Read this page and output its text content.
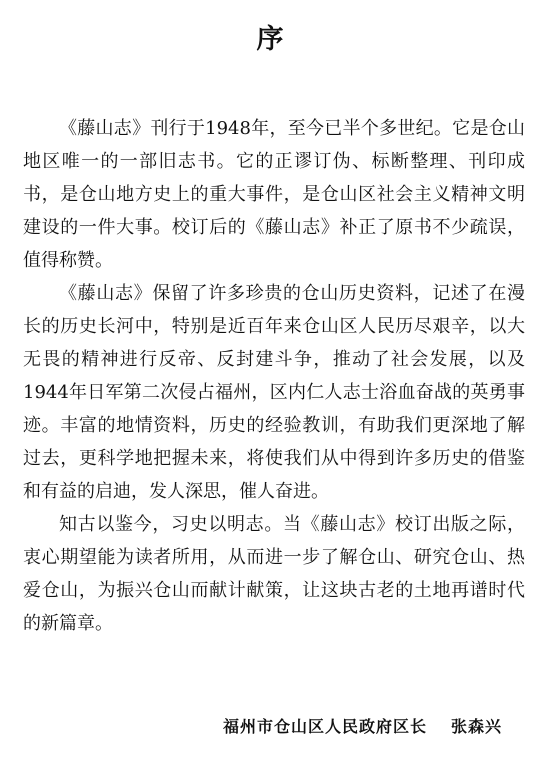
序

《藤山志》刊行于1948年，至今已半个多世纪。它是仓山地区唯一的一部旧志书。它的正谬订伪、标断整理、刊印成书，是仓山地方史上的重大事件，是仓山区社会主义精神文明建设的一件大事。校订后的《藤山志》补正了原书不少疏误，值得称赞。

《藤山志》保留了许多珍贵的仓山历史资料，记述了在漫长的历史长河中，特别是近百年来仓山区人民历尽艰辛，以大无畏的精神进行反帝、反封建斗争，推动了社会发展，以及1944年日军第二次侵占福州，区内仁人志士浴血奋战的英勇事迹。丰富的地情资料，历史的经验教训，有助我们更深地了解过去，更科学地把握未来，将使我们从中得到许多历史的借鉴和有益的启迪，发人深思，催人奋进。

知古以鉴今，习史以明志。当《藤山志》校订出版之际，衷心期望能为读者所用，从而进一步了解仓山、研究仓山、热爱仓山，为振兴仓山而献计献策，让这块古老的土地再谱时代的新篇章。

福州市仓山区人民政府区长 张森兴
